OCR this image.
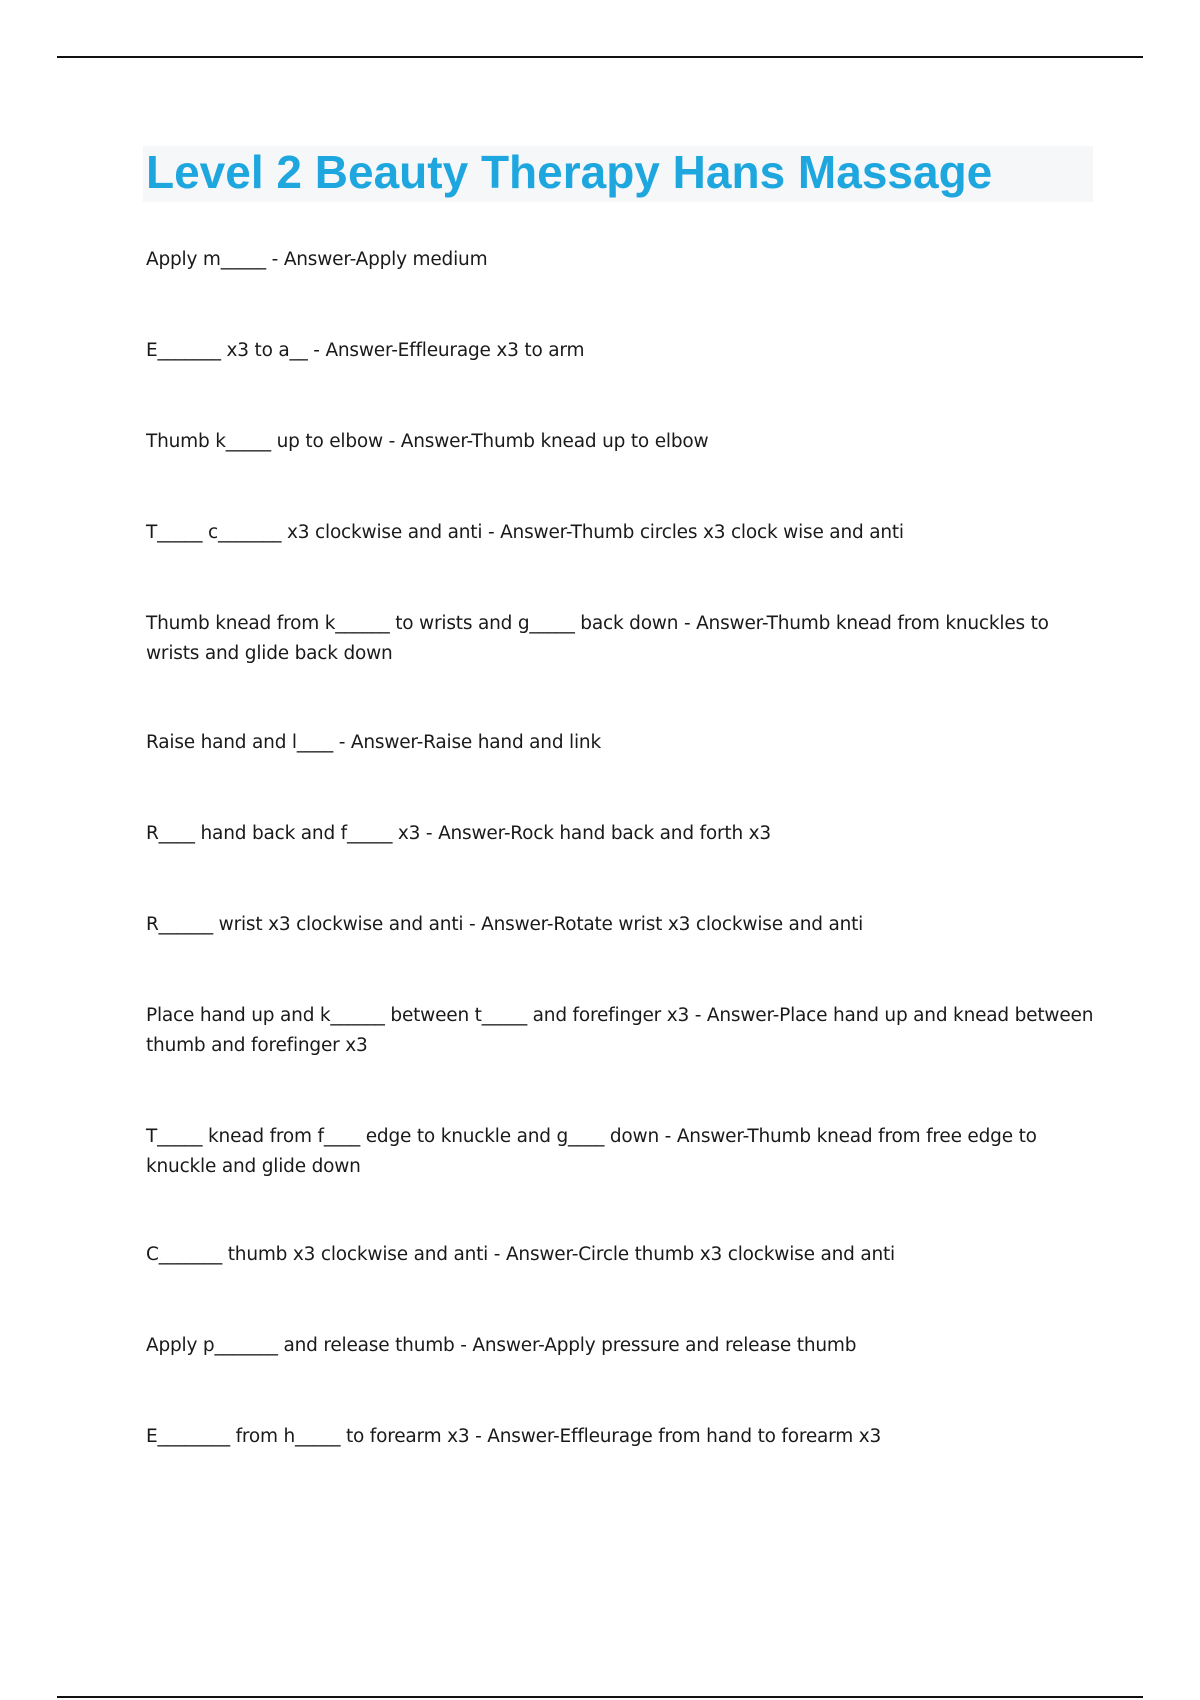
Level 2 Beauty Therapy Hans Massage

Apply m_____ - Answer-Apply medium

E_______ x3 to a__ - Answer-Effleurage x3 to arm

Thumb k_____ up to elbow - Answer-Thumb knead up to elbow

T_____ c_______ x3 clockwise and anti - Answer-Thumb circles x3 clock wise and anti

Thumb knead from k______ to wrists and g_____ back down - Answer-Thumb knead from knuckles to wrists and glide back down

Raise hand and l____ - Answer-Raise hand and link

R____ hand back and f_____ x3 - Answer-Rock hand back and forth x3

R______ wrist x3 clockwise and anti - Answer-Rotate wrist x3 clockwise and anti

Place hand up and k______ between t_____ and forefinger x3 - Answer-Place hand up and knead between thumb and forefinger x3

T_____ knead from f____ edge to knuckle and g____ down - Answer-Thumb knead from free edge to knuckle and glide down

C_______ thumb x3 clockwise and anti - Answer-Circle thumb x3 clockwise and anti

Apply p_______ and release thumb - Answer-Apply pressure and release thumb

E________ from h_____ to forearm x3 - Answer-Effleurage from hand to forearm x3
